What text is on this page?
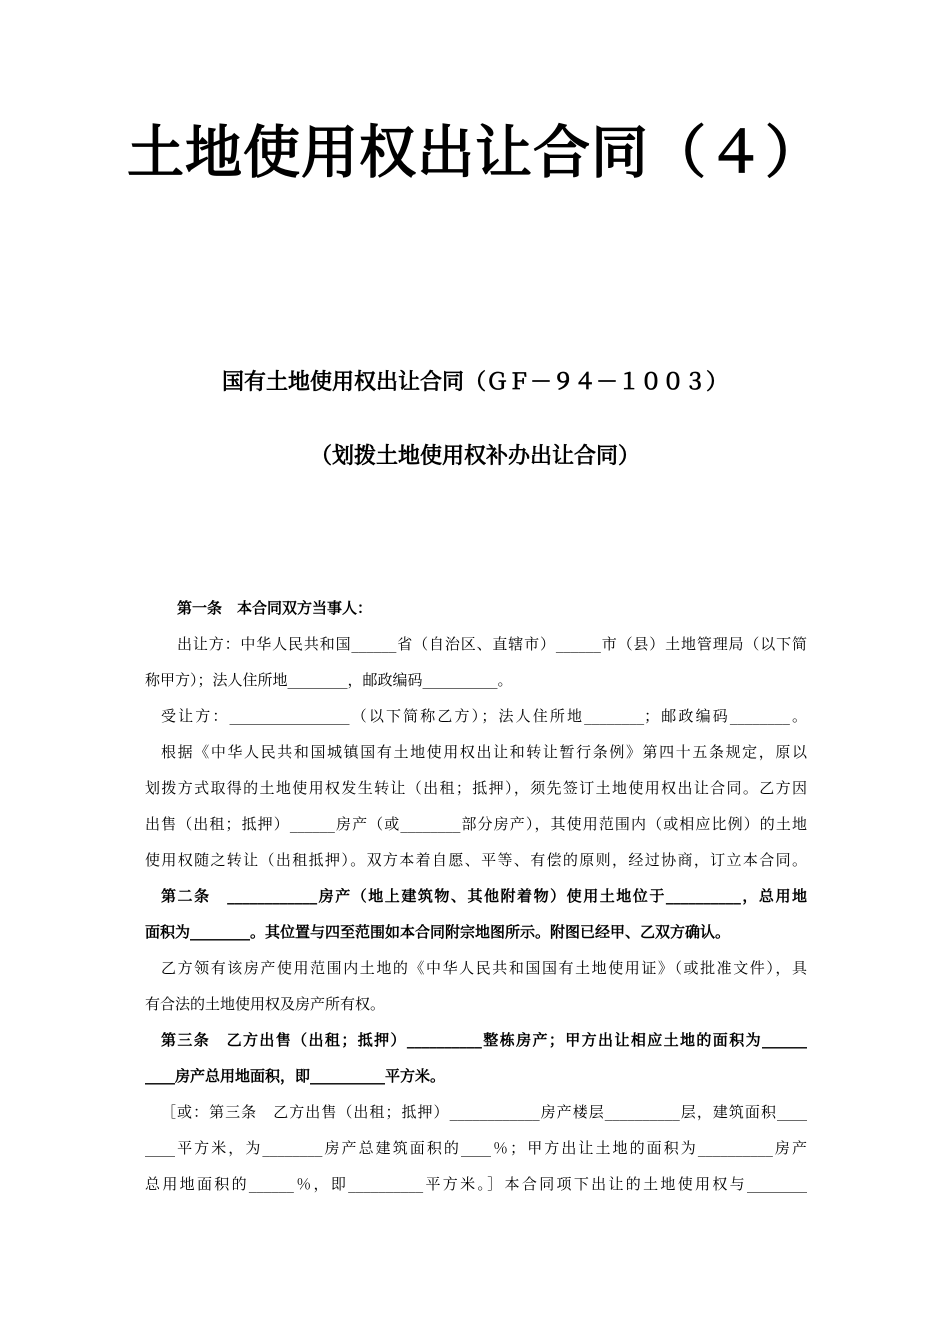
土地使用权出让合同（４）
国有土地使用权出让合同（ＧＦ－９４－１００３）
（划拨土地使用权补办出让合同）
第一条　本合同双方当事人：
出让方：中华人民共和国______省（自治区、直辖市）______市（县）土地管理局（以下简
称甲方）；法人住所地________，邮政编码__________。
受让方：________________（以下简称乙方）；法人住所地________；邮政编码________。
根据《中华人民共和国城镇国有土地使用权出让和转让暂行条例》第四十五条规定，原以
划拨方式取得的土地使用权发生转让（出租；抵押），须先签订土地使用权出让合同。乙方因
出售（出租；抵押）______房产（或________部分房产），其使用范围内（或相应比例）的土地
使用权随之转让（出租抵押）。双方本着自愿、平等、有偿的原则，经过协商，订立本合同。
第二条　____________房产（地上建筑物、其他附着物）使用土地位于__________，总用地
面积为________。其位置与四至范围如本合同附宗地图所示。附图已经甲、乙双方确认。
乙方领有该房产使用范围内土地的《中华人民共和国国有土地使用证》（或批准文件），具
有合法的土地使用权及房产所有权。
第三条　乙方出售（出租；抵押）__________整栋房产；甲方出让相应土地的面积为______
____房产总用地面积，即__________平方米。
［或：第三条　乙方出售（出租；抵押）____________房产楼层__________层，建筑面积____
____平方米，为________房产总建筑面积的____％；甲方出让土地的面积为__________房产
总用地面积的______％，即__________平方米。］本合同项下出让的土地使用权与________
